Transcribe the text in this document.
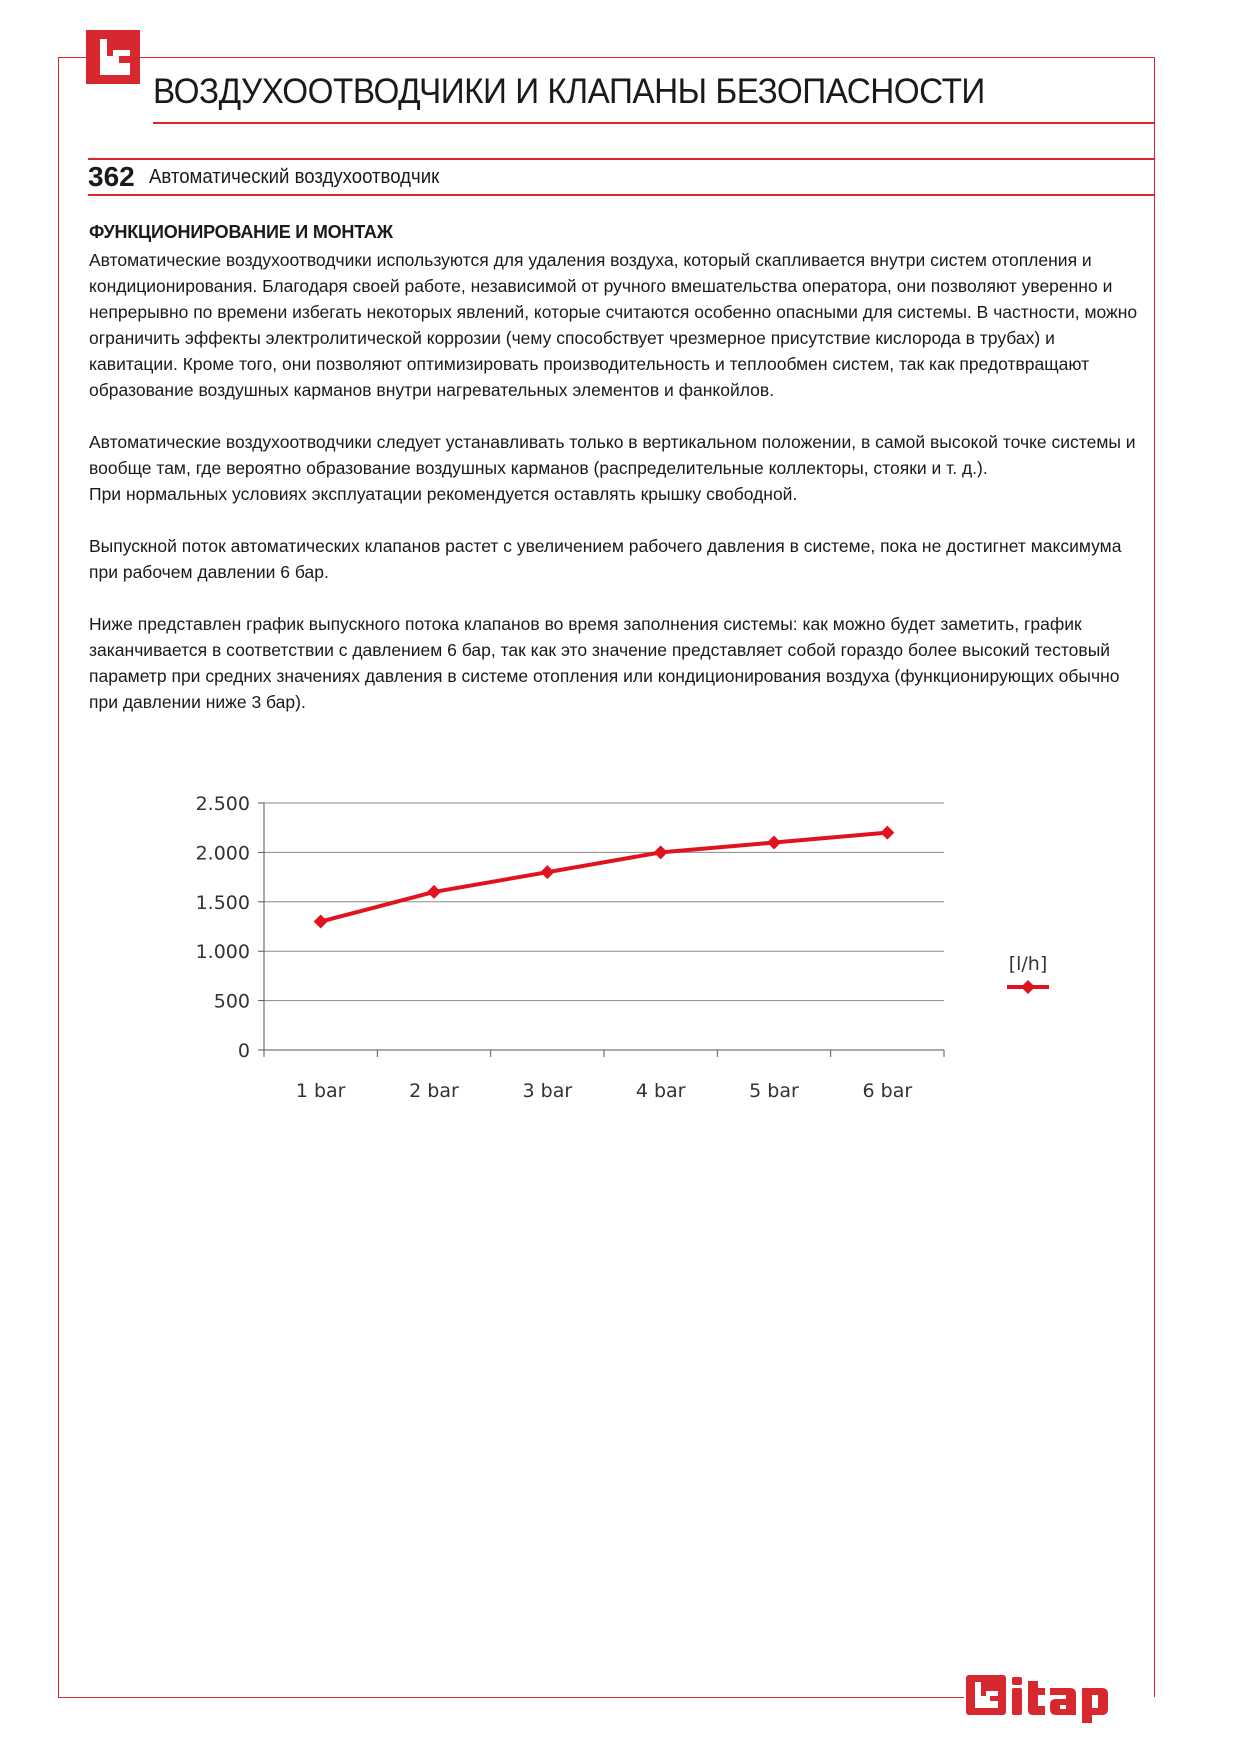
ВОЗДУХООТВОДЧИКИ И КЛАПАНЫ БЕЗОПАСНОСТИ
362 Автоматический воздухоотводчик
ФУНКЦИОНИРОВАНИЕ И МОНТАЖ

Автоматические воздухоотводчики используются для удаления воздуха, который скапливается внутри систем отопления и кондиционирования. Благодаря своей работе, независимой от ручного вмешательства оператора, они позволяют уверенно и непрерывно по времени избегать некоторых явлений, которые считаются особенно опасными для системы. В частности, можно ограничить эффекты электролитической коррозии (чему способствует чрезмерное присутствие кислорода в трубах) и кавитации. Кроме того, они позволяют оптимизировать производительность и теплообмен систем, так как предотвращают образование воздушных карманов внутри нагревательных элементов и фанкойлов.

Автоматические воздухоотводчики следует устанавливать только в вертикальном положении, в самой высокой точке системы и вообще там, где вероятно образование воздушных карманов (распределительные коллекторы, стояки и т. д.).

При нормальных условиях эксплуатации рекомендуется оставлять крышку свободной.

Выпускной поток автоматических клапанов растет с увеличением рабочего давления в системе, пока не достигнет максимума при рабочем давлении 6 бар.

Ниже представлен график выпускного потока клапанов во время заполнения системы: как можно будет заметить, график заканчивается в соответствии с давлением 6 бар, так как это значение представляет собой гораздо более высокий тестовый параметр при средних значениях давления в системе отопления или кондиционирования воздуха (функционирующих обычно при давлении ниже 3 бар).

0
500
1.000
1.500
2.000
2.500
1 bar	2 bar	3 bar	4 bar	5 bar	6 bar
[l/h]
